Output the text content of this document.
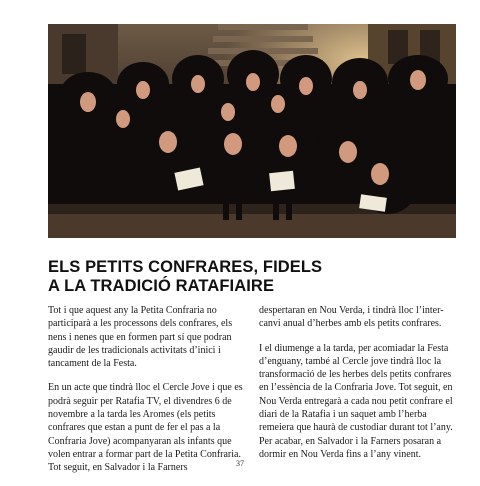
ELS PETITS CONFRARES, FIDELS
A LA TRADICIÓ RATAFIAIRE

Tot i que aquest any la Petita Confraria no participarà a les processons dels confrares, els nens i nenes que en formen part sí que podran gaudir de les tradicionals activitats d’inici i tancament de la Festa.

En un acte que tindrà lloc el Cercle Jove i que es podrà seguir per Ratafia TV, el divendres 6 de novembre a la tarda les Aromes (els petits confrares que estan a punt de fer el pas a la Confraria Jove) acompanyaran als infants que volen entrar a formar part de la Petita Confraria. Tot seguit, en Salvador i la Farners

despertaran en Nou Verda, i tindrà lloc l’inter-canvi anual d’herbes amb els petits confrares.

I el diumenge a la tarda, per acomiadar la Festa d’enguany, també al Cercle jove tindrà lloc la transformació de les herbes dels petits confrares en l’essència de la Confraria Jove. Tot seguit, en Nou Verda entregarà a cada nou petit confrare el diari de la Ratafia i un saquet amb l’herba remeiera que haurà de custodiar durant tot l’any. Per acabar, en Salvador i la Farners posaran a dormir en Nou Verda fins a l’any vinent.

37
